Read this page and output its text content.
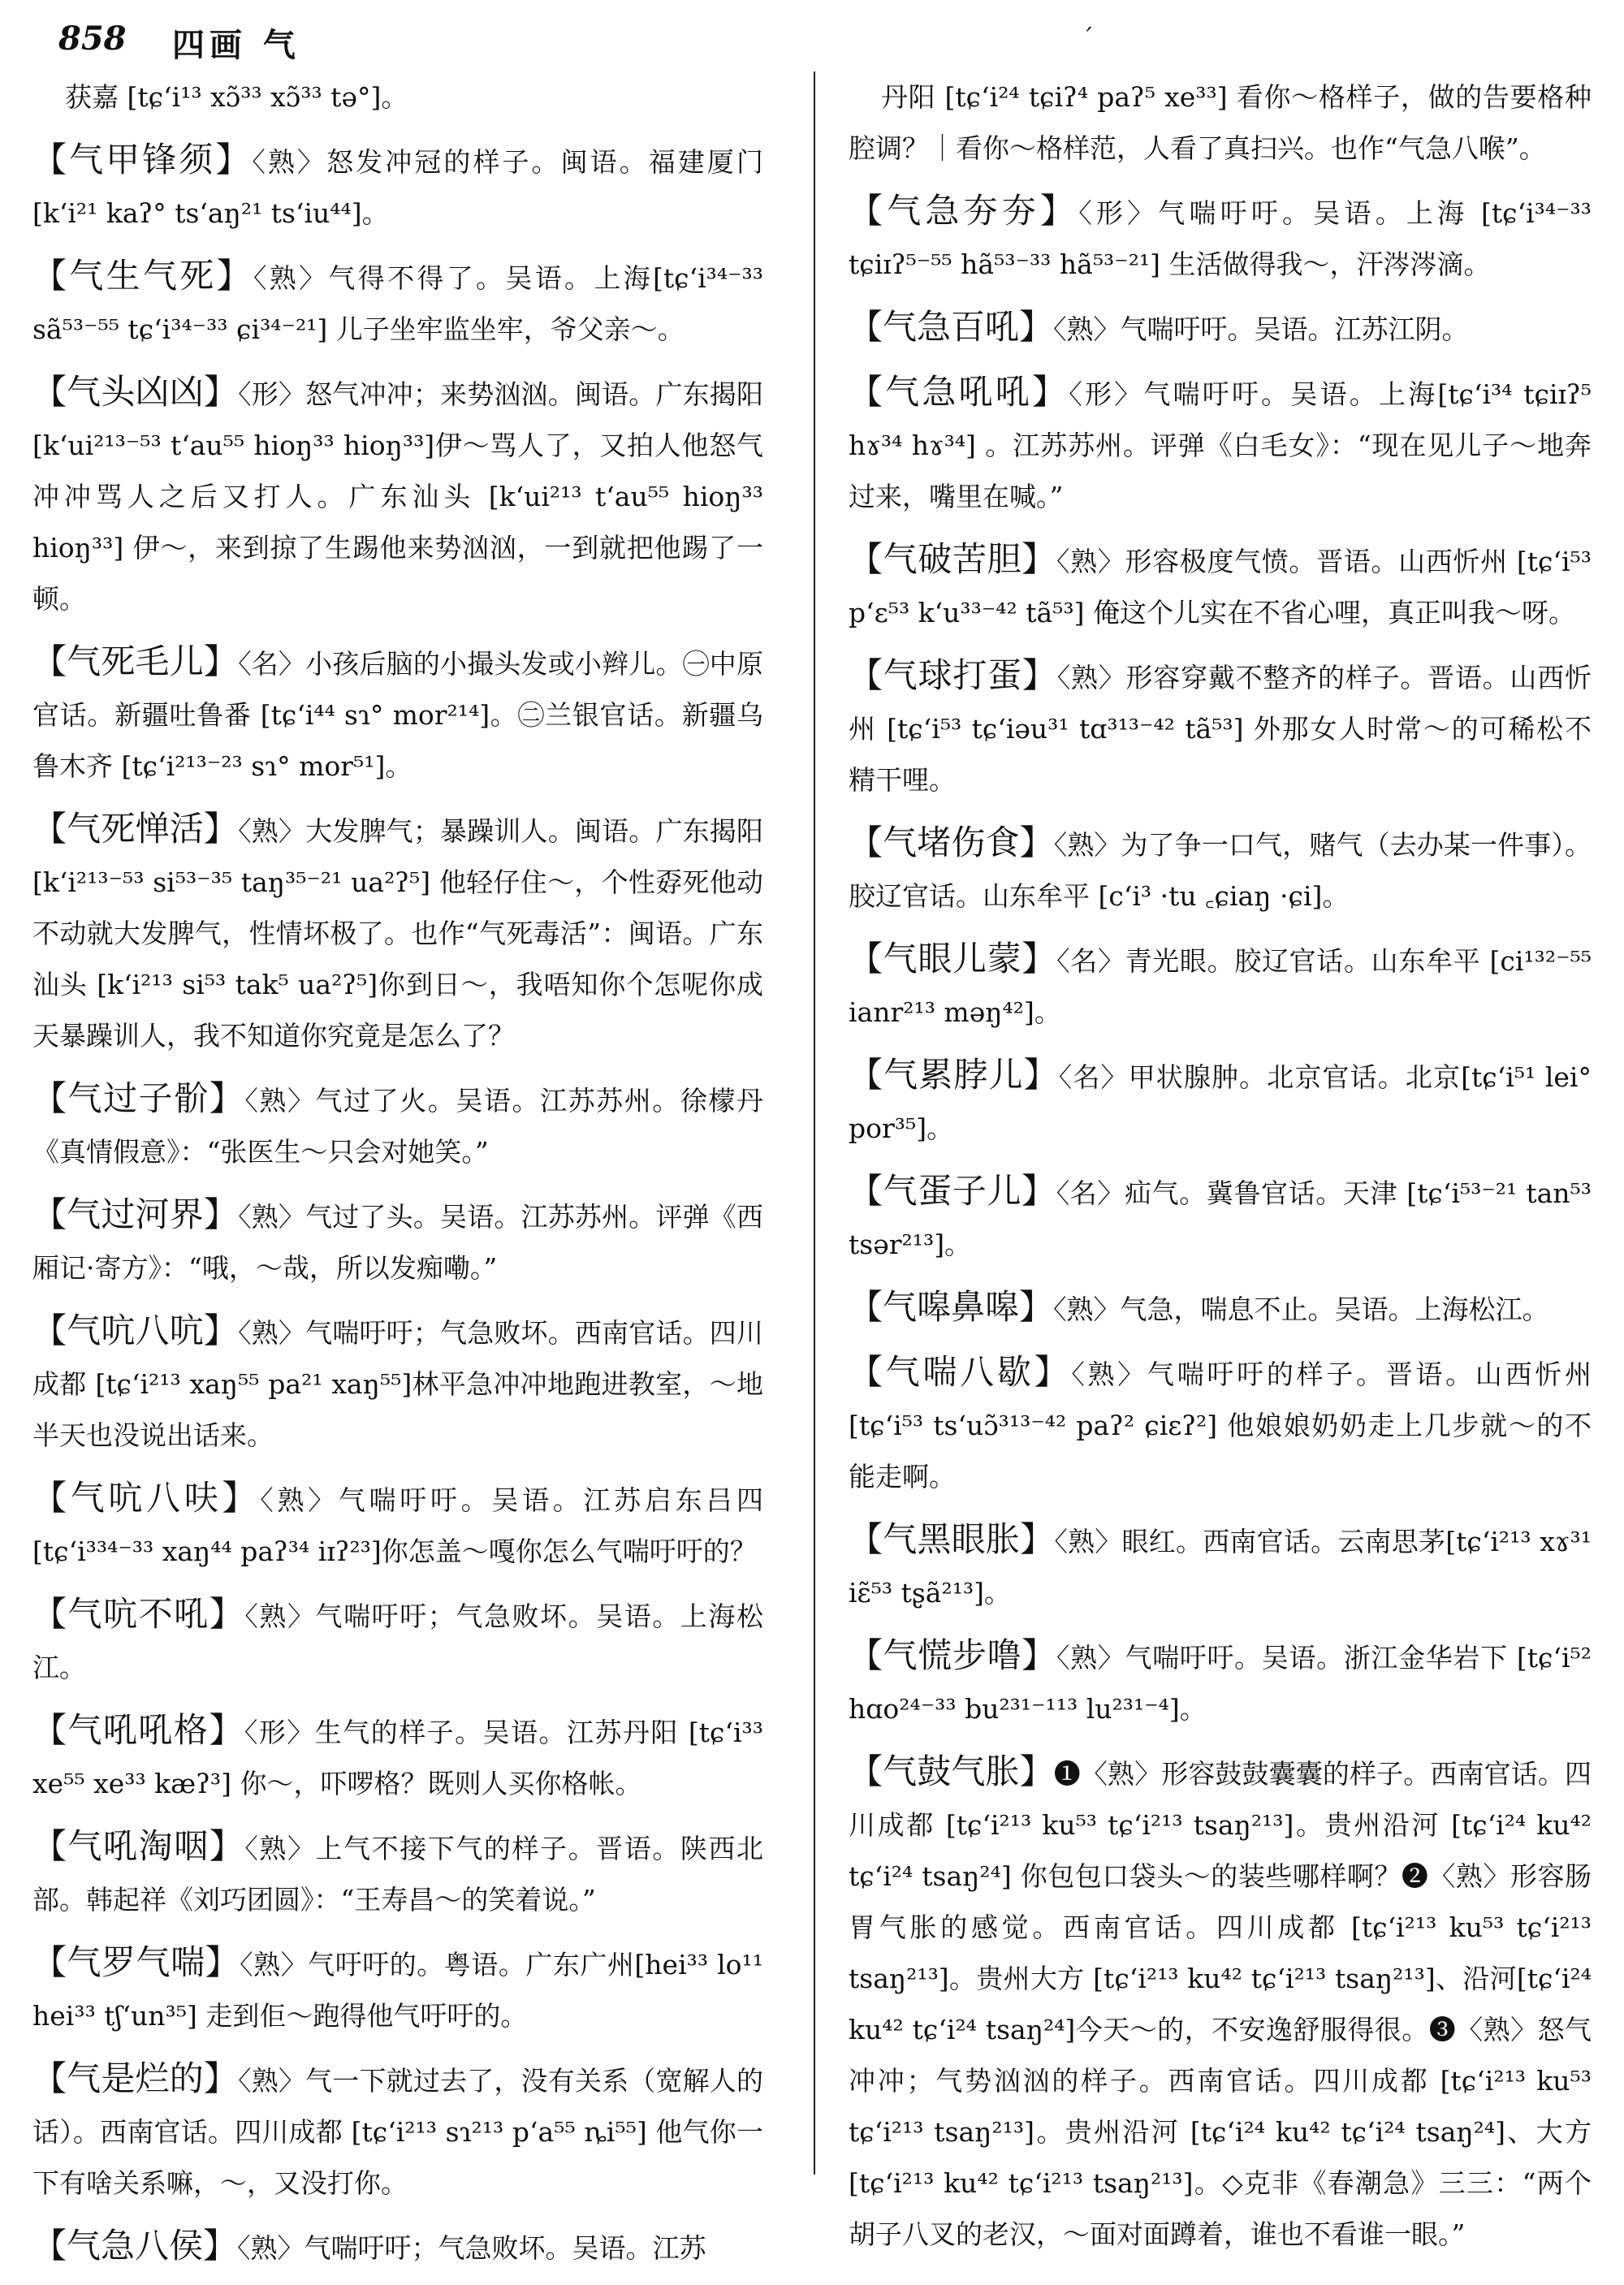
858 四画 气	ˊ
获嘉 [tɕʻi¹³ xɔ̃³³ xɔ̃³³ tə°]。
【气甲锋须】〈熟〉怒发冲冠的样子。闽语。福建厦门 [kʻi²¹ kaʔ° tsʻaŋ²¹ tsʻiu⁴⁴]。
【气生气死】〈熟〉气得不得了。吴语。上海[tɕʻi³⁴⁻³³ sã⁵³⁻⁵⁵ tɕʻi³⁴⁻³³ ɕi³⁴⁻²¹] 儿子坐牢监坐牢，爷父亲～。
【气头凶凶】〈形〉怒气冲冲；来势汹汹。闽语。广东揭阳[kʻui²¹³⁻⁵³ tʻau⁵⁵ hioŋ³³ hioŋ³³]伊～骂人了，又拍人他怒气冲冲骂人之后又打人。广东汕头 [kʻui²¹³ tʻau⁵⁵ hioŋ³³ hioŋ³³] 伊～，来到掠了生踢他来势汹汹，一到就把他踢了一顿。
【气死毛儿】〈名〉小孩后脑的小撮头发或小辫儿。㊀中原官话。新疆吐鲁番 [tɕʻi⁴⁴ sɿ° mor²¹⁴]。㊁兰银官话。新疆乌鲁木齐 [tɕʻi²¹³⁻²³ sɿ° mor⁵¹]。
【气死惮活】〈熟〉大发脾气；暴躁训人。闽语。广东揭阳 [kʻi²¹³⁻⁵³ si⁵³⁻³⁵ taŋ³⁵⁻²¹ ua²ʔ⁵] 他轻仔住～，个性孬死他动不动就大发脾气，性情坏极了。也作“气死毒活”：闽语。广东汕头 [kʻi²¹³ si⁵³ tak⁵ ua²ʔ⁵]你到日～，我唔知你个怎呢你成天暴躁训人，我不知道你究竟是怎么了？
【气过子骱】〈熟〉气过了火。吴语。江苏苏州。徐檬丹《真情假意》：“张医生～只会对她笑。”
【气过河界】〈熟〉气过了头。吴语。江苏苏州。评弹《西厢记·寄方》：“哦，～哉，所以发痴嘞。”
【气吭八吭】〈熟〉气喘吁吁；气急败坏。西南官话。四川成都 [tɕʻi²¹³ xaŋ⁵⁵ pa²¹ xaŋ⁵⁵]林平急冲冲地跑进教室，～地半天也没说出话来。
【气吭八呋】〈熟〉气喘吁吁。吴语。江苏启东吕四 [tɕʻi³³⁴⁻³³ xaŋ⁴⁴ paʔ³⁴ iɪʔ²³]你怎盖～嘎你怎么气喘吁吁的？
【气吭不吼】〈熟〉气喘吁吁；气急败坏。吴语。上海松江。
【气吼吼格】〈形〉生气的样子。吴语。江苏丹阳 [tɕʻi³³ xe⁵⁵ xe³³ kæʔ³] 你～，吓啰格？既则人买你格帐。
【气吼淘咽】〈熟〉上气不接下气的样子。晋语。陕西北部。韩起祥《刘巧团圆》：“王寿昌～的笑着说。”
【气罗气喘】〈熟〉气吁吁的。粤语。广东广州[hei³³ lo¹¹ hei³³ tʃʻun³⁵] 走到佢～跑得他气吁吁的。
【气是烂的】〈熟〉气一下就过去了，没有关系（宽解人的话）。西南官话。四川成都 [tɕʻi²¹³ sɿ²¹³ pʻa⁵⁵ ȵi⁵⁵] 他气你一下有啥关系嘛，～，又没打你。
【气急八侯】〈熟〉气喘吁吁；气急败坏。吴语。江苏
丹阳 [tɕʻi²⁴ tɕiʔ⁴ paʔ⁵ xe³³] 看你～格样子，做的告要格种腔调？｜看你～格样范，人看了真扫兴。也作“气急八喉”。
【气急夯夯】〈形〉气喘吁吁。吴语。上海 [tɕʻi³⁴⁻³³ tɕiɪʔ⁵⁻⁵⁵ hã⁵³⁻³³ hã⁵³⁻²¹] 生活做得我～，汗涔涔滴。
【气急百吼】〈熟〉气喘吁吁。吴语。江苏江阴。
【气急吼吼】〈形〉气喘吁吁。吴语。上海[tɕʻi³⁴ tɕiɪʔ⁵ hɤ³⁴ hɤ³⁴] 。江苏苏州。评弹《白毛女》：“现在见儿子～地奔过来，嘴里在喊。”
【气破苦胆】〈熟〉形容极度气愤。晋语。山西忻州 [tɕʻi⁵³ pʻɛ⁵³ kʻu³³⁻⁴² tã⁵³] 俺这个儿实在不省心哩，真正叫我～呀。
【气球打蛋】〈熟〉形容穿戴不整齐的样子。晋语。山西忻州 [tɕʻi⁵³ tɕʻiəu³¹ tɑ³¹³⁻⁴² tã⁵³] 外那女人时常～的可稀松不精干哩。
【气堵伤食】〈熟〉为了争一口气，赌气（去办某一件事）。胶辽官话。山东牟平 [cʻi³ ·tu ꜀ɕiaŋ ·ɕi]。
【气眼儿蒙】〈名〉青光眼。胶辽官话。山东牟平 [ci¹³²⁻⁵⁵ ianr²¹³ məŋ⁴²]。
【气累脖儿】〈名〉甲状腺肿。北京官话。北京[tɕʻi⁵¹ lei° por³⁵]。
【气蛋子儿】〈名〉疝气。冀鲁官话。天津 [tɕʻi⁵³⁻²¹ tan⁵³ tsər²¹³]。
【气嗥鼻嗥】〈熟〉气急，喘息不止。吴语。上海松江。
【气喘八歇】〈熟〉气喘吁吁的样子。晋语。山西忻州 [tɕʻi⁵³ tsʻuɔ̃³¹³⁻⁴² paʔ² ɕiɛʔ²] 他娘娘奶奶走上几步就～的不能走啊。
【气黑眼胀】〈熟〉眼红。西南官话。云南思茅[tɕʻi²¹³ xɤ³¹ iɛ̃⁵³ tʂã²¹³]。
【气慌步噜】〈熟〉气喘吁吁。吴语。浙江金华岩下 [tɕʻi⁵² hɑo²⁴⁻³³ bu²³¹⁻¹¹³ lu²³¹⁻⁴]。
【气鼓气胀】❶〈熟〉形容鼓鼓囊囊的样子。西南官话。四川成都 [tɕʻi²¹³ ku⁵³ tɕʻi²¹³ tsaŋ²¹³]。贵州沿河 [tɕʻi²⁴ ku⁴² tɕʻi²⁴ tsaŋ²⁴] 你包包口袋头～的装些哪样啊？❷〈熟〉形容肠胃气胀的感觉。西南官话。四川成都 [tɕʻi²¹³ ku⁵³ tɕʻi²¹³ tsaŋ²¹³]。贵州大方 [tɕʻi²¹³ ku⁴² tɕʻi²¹³ tsaŋ²¹³]、沿河[tɕʻi²⁴ ku⁴² tɕʻi²⁴ tsaŋ²⁴]今天～的，不安逸舒服得很。❸〈熟〉怒气冲冲；气势汹汹的样子。西南官话。四川成都 [tɕʻi²¹³ ku⁵³ tɕʻi²¹³ tsaŋ²¹³]。贵州沿河 [tɕʻi²⁴ ku⁴² tɕʻi²⁴ tsaŋ²⁴]、大方[tɕʻi²¹³ ku⁴² tɕʻi²¹³ tsaŋ²¹³]。◇克非《春潮急》三三：“两个胡子八叉的老汉，～面对面蹲着，谁也不看谁一眼。”
